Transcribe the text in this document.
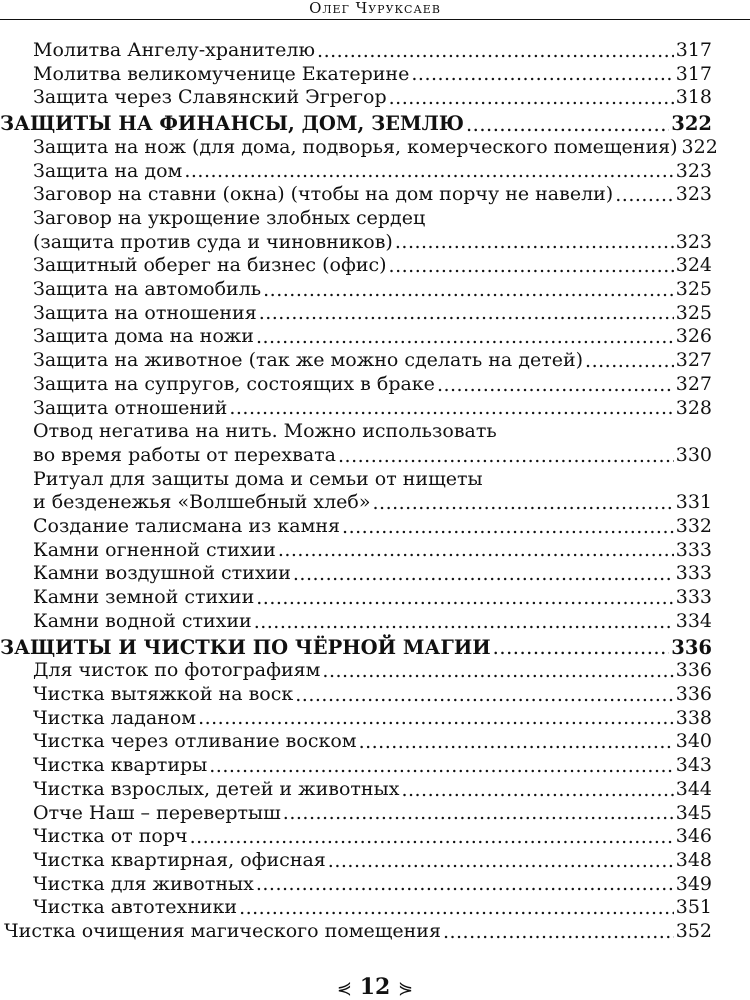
Олег Чуруксаев
Молитва Ангелу-хранителю .....	317
Молитва великомученице Екатерине .....	317
Защита через Славянский Эгрегор .....	318
ЗАЩИТЫ НА ФИНАНСЫ, ДОМ, ЗЕМЛЮ .....	322
Защита на нож (для дома, подворья, комерческого помещения) 322
Защита на дом .....	323
Заговор на ставни (окна) (чтобы на дом порчу не навели) .....	323
Заговор на укрощение злобных сердец
(защита против суда и чиновников) .....	323
Защитный оберег на бизнес (офис) .....	324
Защита на автомобиль .....	325
Защита на отношения .....	325
Защита дома на ножи .....	326
Защита на животное (так же можно сделать на детей) .....	327
Защита на супругов, состоящих в браке .....	327
Защита отношений .....	328
Отвод негатива на нить. Можно использовать
во время работы от перехвата .....	330
Ритуал для защиты дома и семьи от нищеты
и безденежья «Волшебный хлеб» .....	331
Создание талисмана из камня .....	332
Камни огненной стихии .....	333
Камни воздушной стихии .....	333
Камни земной стихии .....	333
Камни водной стихии .....	334
ЗАЩИТЫ И ЧИСТКИ ПО ЧЁРНОЙ МАГИИ .....	336
Для чисток по фотографиям .....	336
Чистка вытяжкой на воск .....	336
Чистка ладаном .....	338
Чистка через отливание воском .....	340
Чистка квартиры .....	343
Чистка взрослых, детей и животных .....	344
Отче Наш – перевертыш .....	345
Чистка от порч .....	346
Чистка квартирная, офисная .....	348
Чистка для животных .....	349
Чистка автотехники .....	351
Чистка очищения магического помещения .....	352
⋞ 12 ⋟
